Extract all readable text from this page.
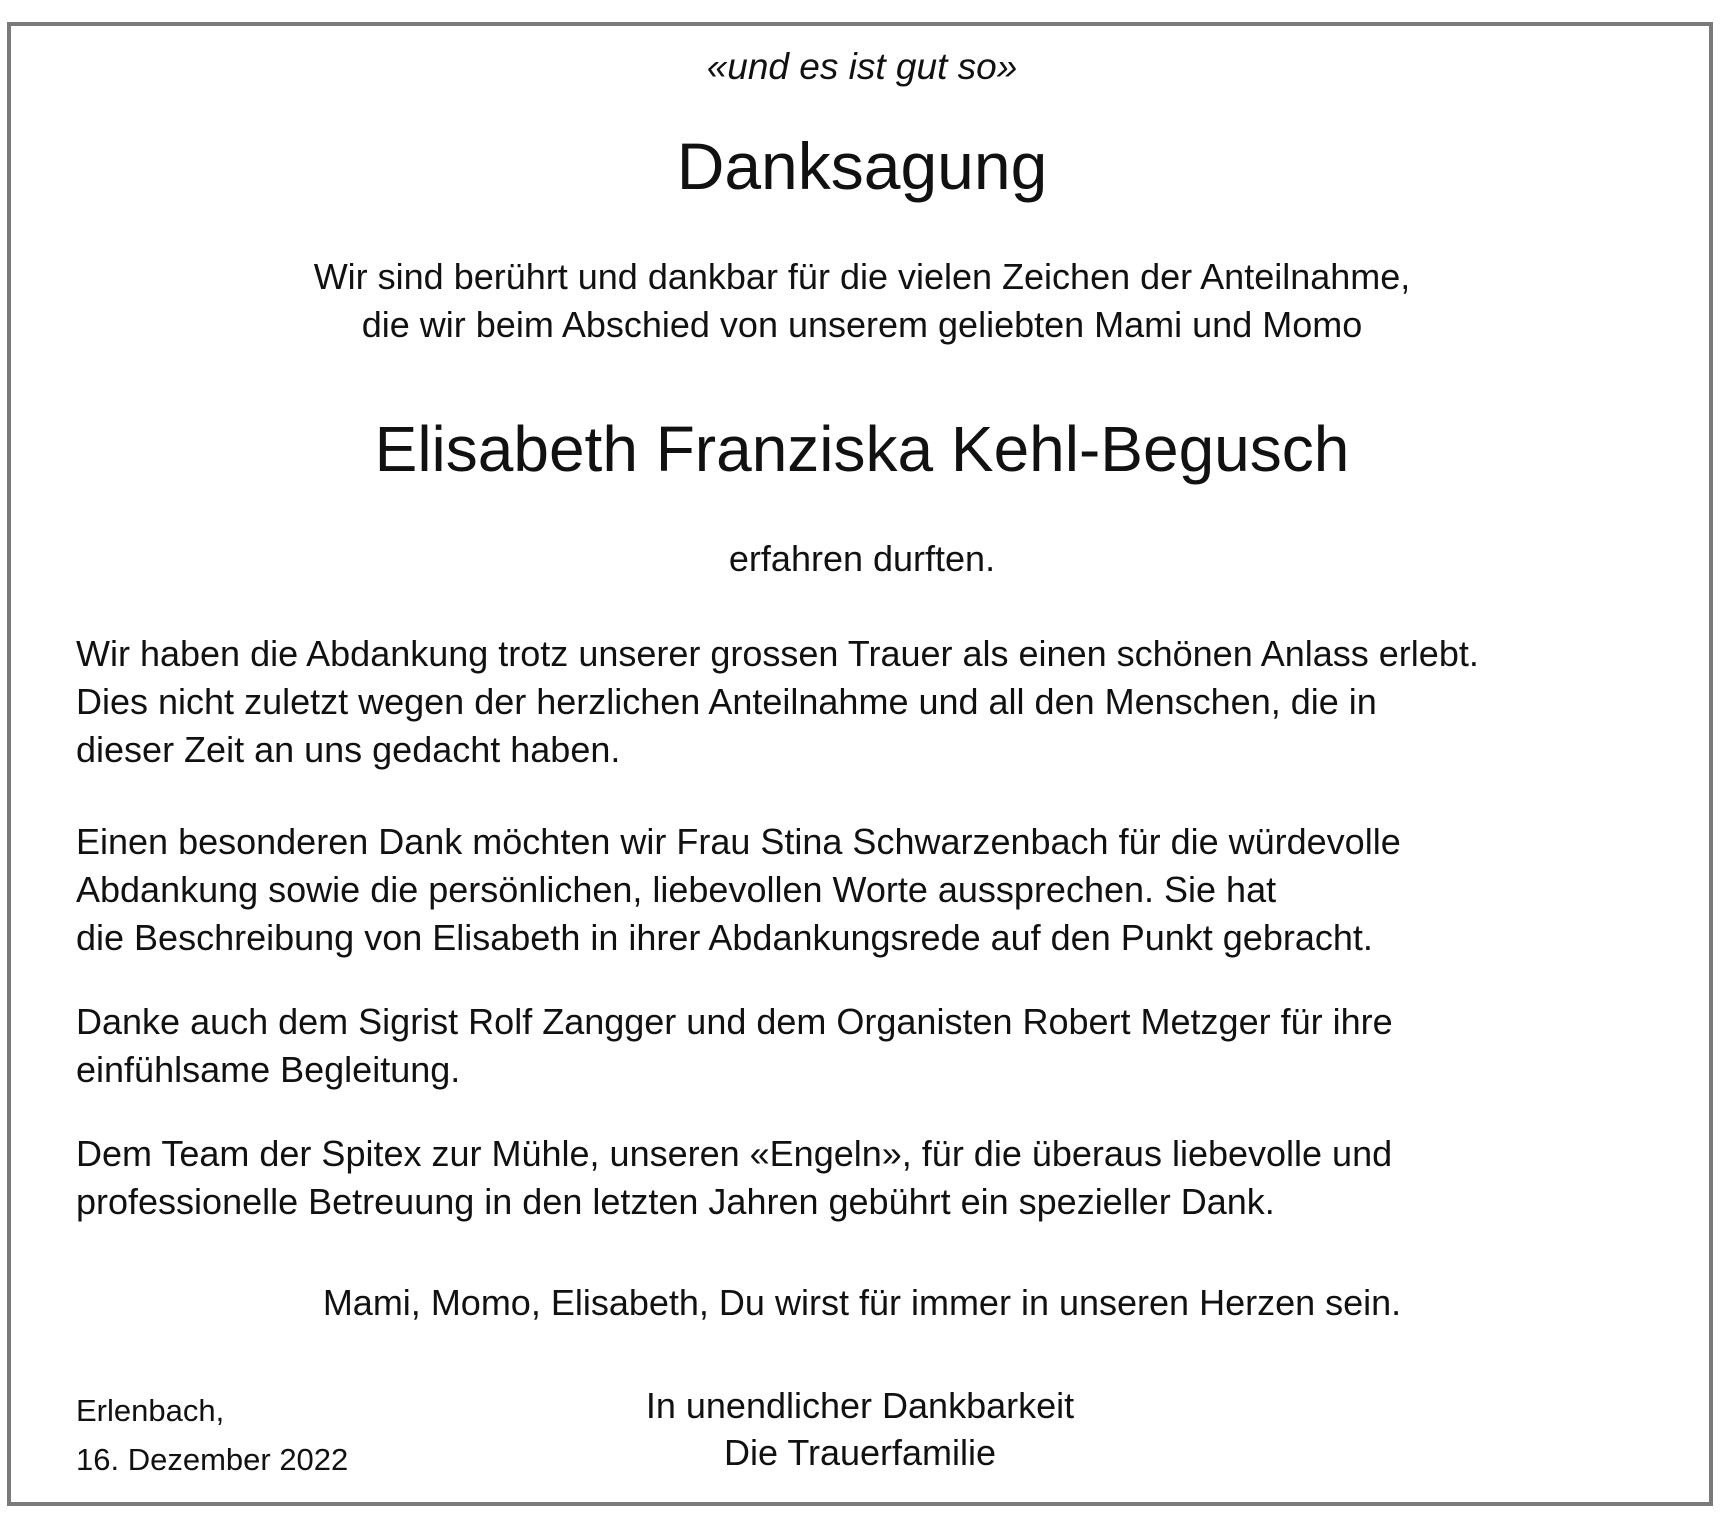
«und es ist gut so»

Danksagung
Wir sind berührt und dankbar für die vielen Zeichen der Anteilnahme,
die wir beim Abschied von unserem geliebten Mami und Momo
Elisabeth Franziska Kehl-Begusch

erfahren durften.

Wir haben die Abdankung trotz unserer grossen Trauer als einen schönen Anlass erlebt.
Dies nicht zuletzt wegen der herzlichen Anteilnahme und all den Menschen, die in
dieser Zeit an uns gedacht haben.
Einen besonderen Dank möchten wir Frau Stina Schwarzenbach für die würdevolle
Abdankung sowie die persönlichen, liebevollen Worte aussprechen. Sie hat
die Beschreibung von Elisabeth in ihrer Abdankungsrede auf den Punkt gebracht.
Danke auch dem Sigrist Rolf Zangger und dem Organisten Robert Metzger für ihre
einfühlsame Begleitung.
Dem Team der Spitex zur Mühle, unseren «Engeln», für die überaus liebevolle und
professionelle Betreuung in den letzten Jahren gebührt ein spezieller Dank.

Mami, Momo, Elisabeth, Du wirst für immer in unseren Herzen sein.

Erlenbach,
16. Dezember 2022
In unendlicher Dankbarkeit
Die Trauerfamilie
